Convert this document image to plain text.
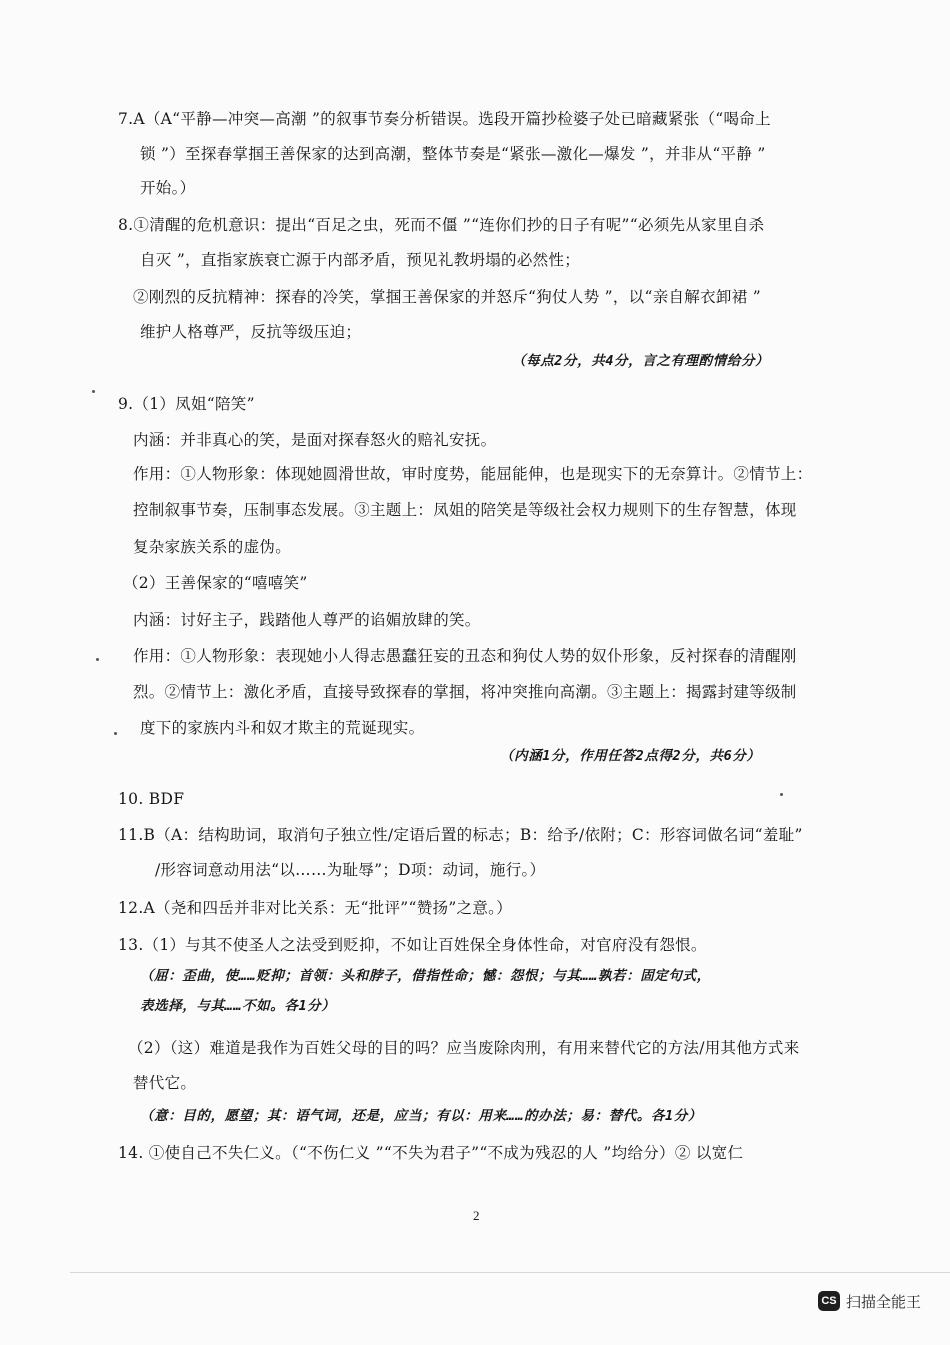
7.A（A“平静—冲突—高潮 ”的叙事节奏分析错误。选段开篇抄检婆子处已暗藏紧张（“喝命上
锁 ”）至探春掌掴王善保家的达到高潮，整体节奏是“紧张—激化—爆发 ”，并非从“平静 ”
开始。）
8.①清醒的危机意识：提出“百足之虫，死而不僵 ”“连你们抄的日子有呢”“必须先从家里自杀
自灭 ”，直指家族衰亡源于内部矛盾，预见礼教坍塌的必然性；
②刚烈的反抗精神：探春的冷笑，掌掴王善保家的并怒斥“狗仗人势 ”，以“亲自解衣卸裙 ”
维护人格尊严，反抗等级压迫；
（每点2分，共4分，言之有理酌情给分）
9.（1）凤姐“陪笑”
内涵：并非真心的笑，是面对探春怒火的赔礼安抚。
作用：①人物形象：体现她圆滑世故，审时度势，能屈能伸，也是现实下的无奈算计。②情节上：
控制叙事节奏，压制事态发展。③主题上：凤姐的陪笑是等级社会权力规则下的生存智慧，体现
复杂家族关系的虚伪。
（2）王善保家的“嘻嘻笑”
内涵：讨好主子，践踏他人尊严的谄媚放肆的笑。
作用：①人物形象：表现她小人得志愚蠢狂妄的丑态和狗仗人势的奴仆形象，反衬探春的清醒刚
烈。②情节上：激化矛盾，直接导致探春的掌掴，将冲突推向高潮。③主题上：揭露封建等级制
度下的家族内斗和奴才欺主的荒诞现实。
（内涵1分，作用任答2点得2分，共6分）
10. BDF
11.B（A：结构助词，取消句子独立性/定语后置的标志；B：给予/依附；C：形容词做名词“羞耻”
/形容词意动用法“以……为耻辱”；D项：动词，施行。）
12.A（尧和四岳并非对比关系：无“批评”“赞扬”之意。）
13.（1）与其不使圣人之法受到贬抑，不如让百姓保全身体性命，对官府没有怨恨。
（屈：歪曲，使……贬抑；首领：头和脖子，借指性命；憾：怨恨；与其……孰若：固定句式，
表选择，与其……不如。各1分）
（2）（这）难道是我作为百姓父母的目的吗？应当废除肉刑，有用来替代它的方法/用其他方式来
替代它。
（意：目的，愿望；其：语气词，还是，应当；有以：用来……的办法；易：替代。各1分）
14. ①使自己不失仁义。（“不伤仁义 ”“不失为君子”“不成为残忍的人 ”均给分）② 以宽仁
2
CS 扫描全能王
